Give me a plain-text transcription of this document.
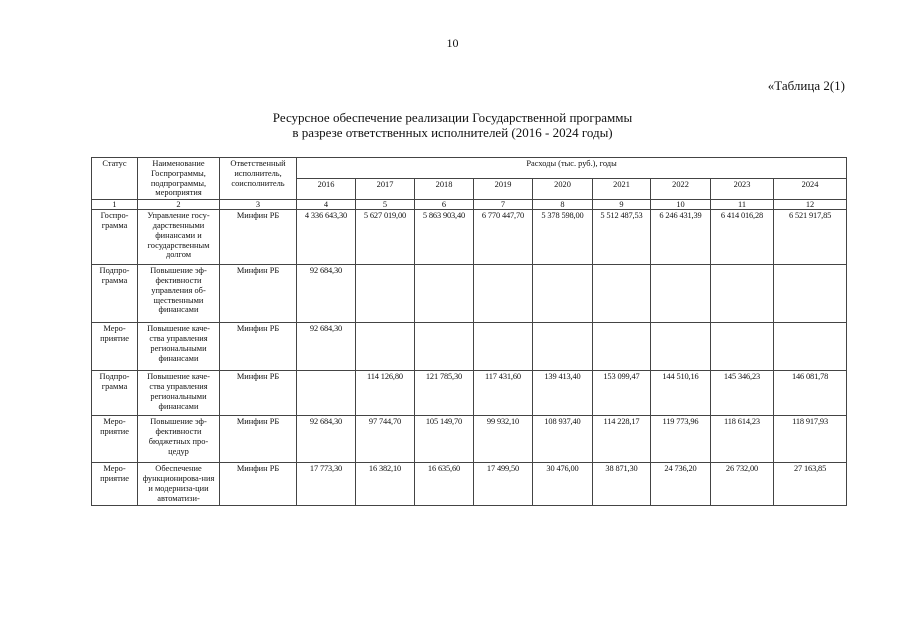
10
«Таблица 2(1)
Ресурсное обеспечение реализации Государственной программы
в разрезе ответственных исполнителей (2016 - 2024 годы)
Статус	Наименование Госпрограммы, подпрограммы, мероприятия	Ответственный исполнитель, соисполнитель	Расходы (тыс. руб.), годы								
			2016	2017	2018	2019	2020	2021	2022	2023	2024
1	2	3	4	5	6	7	8	9	10	11	12
Госпро-грамма	Управление госу-дарственными финансами и государственным долгом	Минфин РБ	4 336 643,30	5 627 019,00	5 863 903,40	6 770 447,70	5 378 598,00	5 512 487,53	6 246 431,39	6 414 016,28	6 521 917,85
Подпро-грамма	Повышение эф-фективности управления об-щественными финансами	Минфин РБ	92 684,30								
Меро-приятие	Повышение каче-ства управления региональными финансами	Минфин РБ	92 684,30								
Подпро-грамма	Повышение каче-ства управления региональными финансами	Минфин РБ		114 126,80	121 785,30	117 431,60	139 413,40	153 099,47	144 510,16	145 346,23	146 081,78
Меро-приятие	Повышение эф-фективности бюджетных про-цедур	Минфин РБ	92 684,30	97 744,70	105 149,70	99 932,10	108 937,40	114 228,17	119 773,96	118 614,23	118 917,93
Меро-приятие	Обеспечение функционирова-ния и модерниза-ции автоматизи-	Минфин РБ	17 773,30	16 382,10	16 635,60	17 499,50	30 476,00	38 871,30	24 736,20	26 732,00	27 163,85
